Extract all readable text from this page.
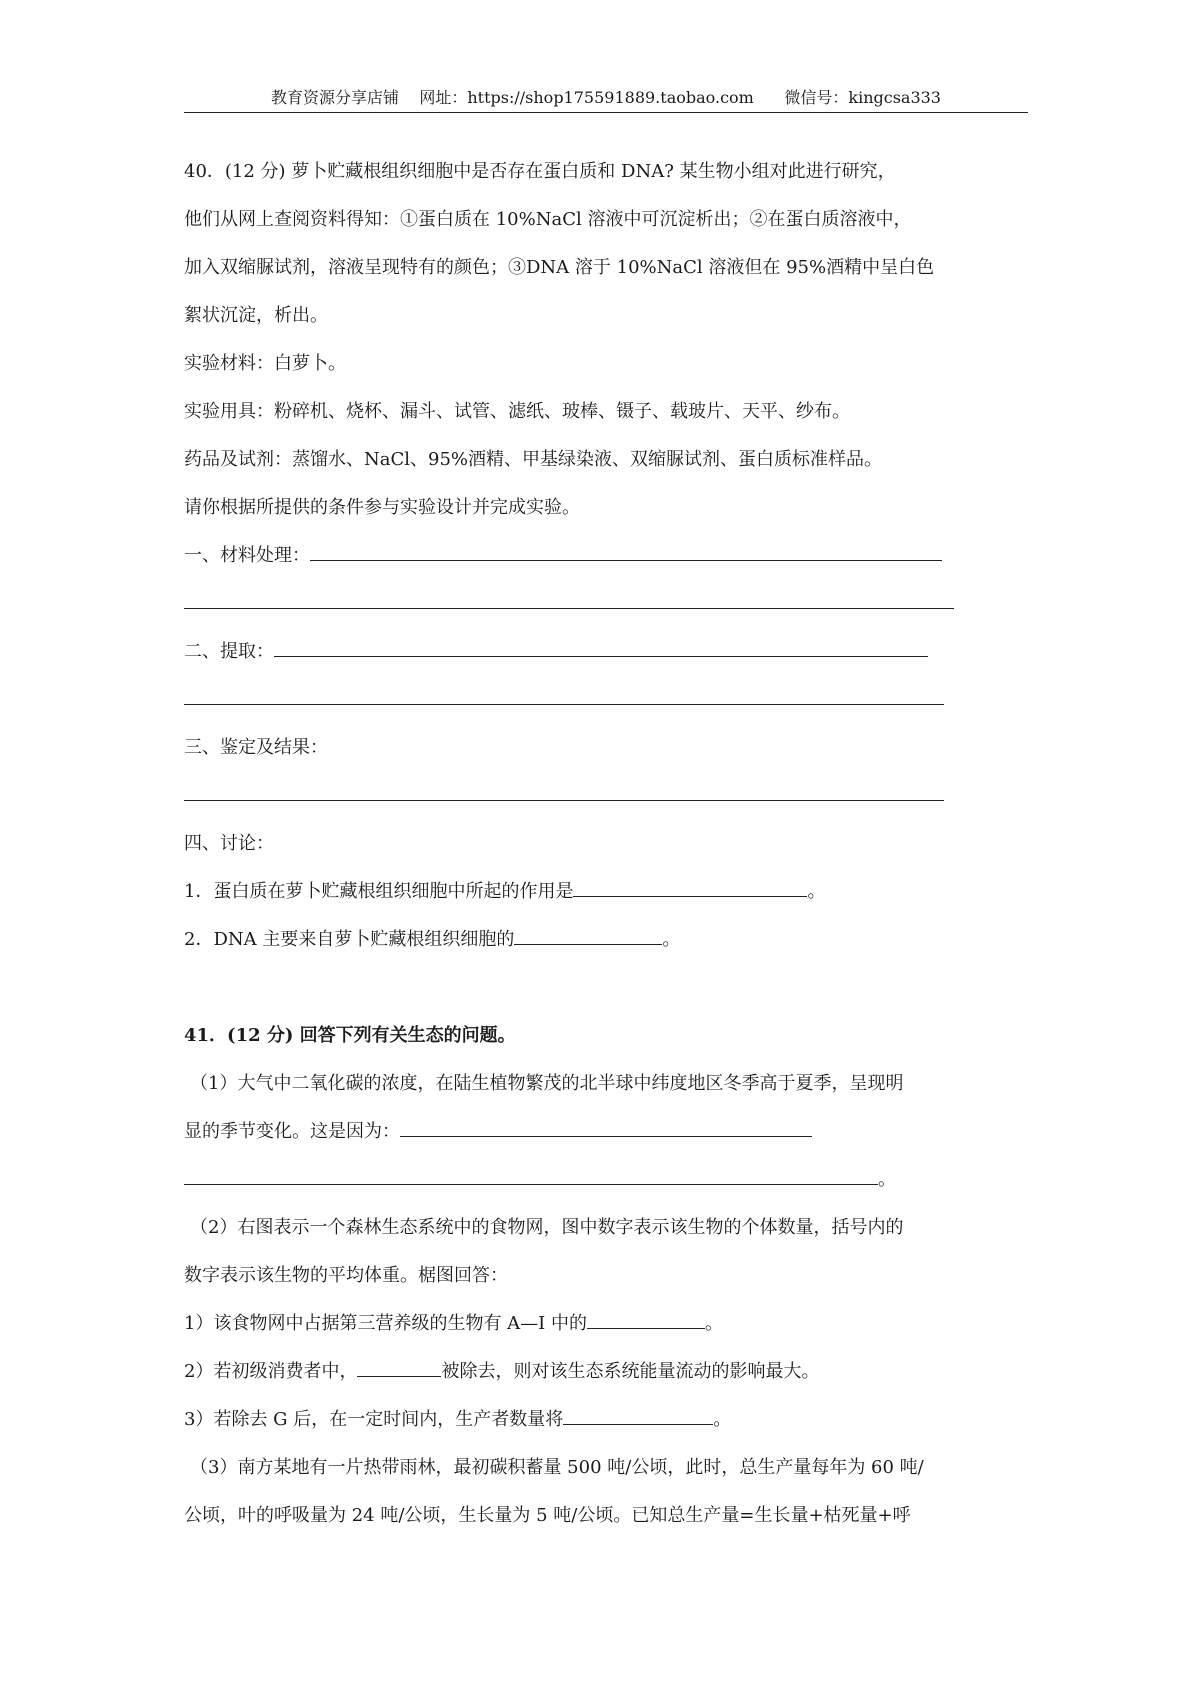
教育资源分享店铺 网址：https://shop175591889.taobao.com 微信号：kingcsa333
40．(12 分) 萝卜贮藏根组织细胞中是否存在蛋白质和 DNA? 某生物小组对此进行研究，
他们从网上查阅资料得知：①蛋白质在 10%NaCl 溶液中可沉淀析出；②在蛋白质溶液中，
加入双缩脲试剂，溶液呈现特有的颜色；③DNA 溶于 10%NaCl 溶液但在 95%酒精中呈白色
絮状沉淀，析出。
实验材料：白萝卜。
实验用具：粉碎机、烧杯、漏斗、试管、滤纸、玻棒、镊子、载玻片、天平、纱布。
药品及试剂：蒸馏水、NaCl、95%酒精、甲基绿染液、双缩脲试剂、蛋白质标准样品。
请你根据所提供的条件参与实验设计并完成实验。
一、材料处理：
二、提取：
三、鉴定及结果：
四、讨论：
1．蛋白质在萝卜贮藏根组织细胞中所起的作用是	。
2．DNA 主要来自萝卜贮藏根组织细胞的	。
41．(12 分) 回答下列有关生态的问题。
（1）大气中二氧化碳的浓度，在陆生植物繁茂的北半球中纬度地区冬季高于夏季，呈现明
显的季节变化。这是因为：
。
（2）右图表示一个森林生态系统中的食物网，图中数字表示该生物的个体数量，括号内的
数字表示该生物的平均体重。椐图回答：
1）该食物网中占据第三营养级的生物有 A—I 中的	。
2）若初级消费者中，	被除去，则对该生态系统能量流动的影响最大。
3）若除去 G 后，在一定时间内，生产者数量将	。
（3）南方某地有一片热带雨林，最初碳积蓄量 500 吨/公顷，此时，总生产量每年为 60 吨/
公顷，叶的呼吸量为 24 吨/公顷，生长量为 5 吨/公顷。已知总生产量=生长量+枯死量+呼
